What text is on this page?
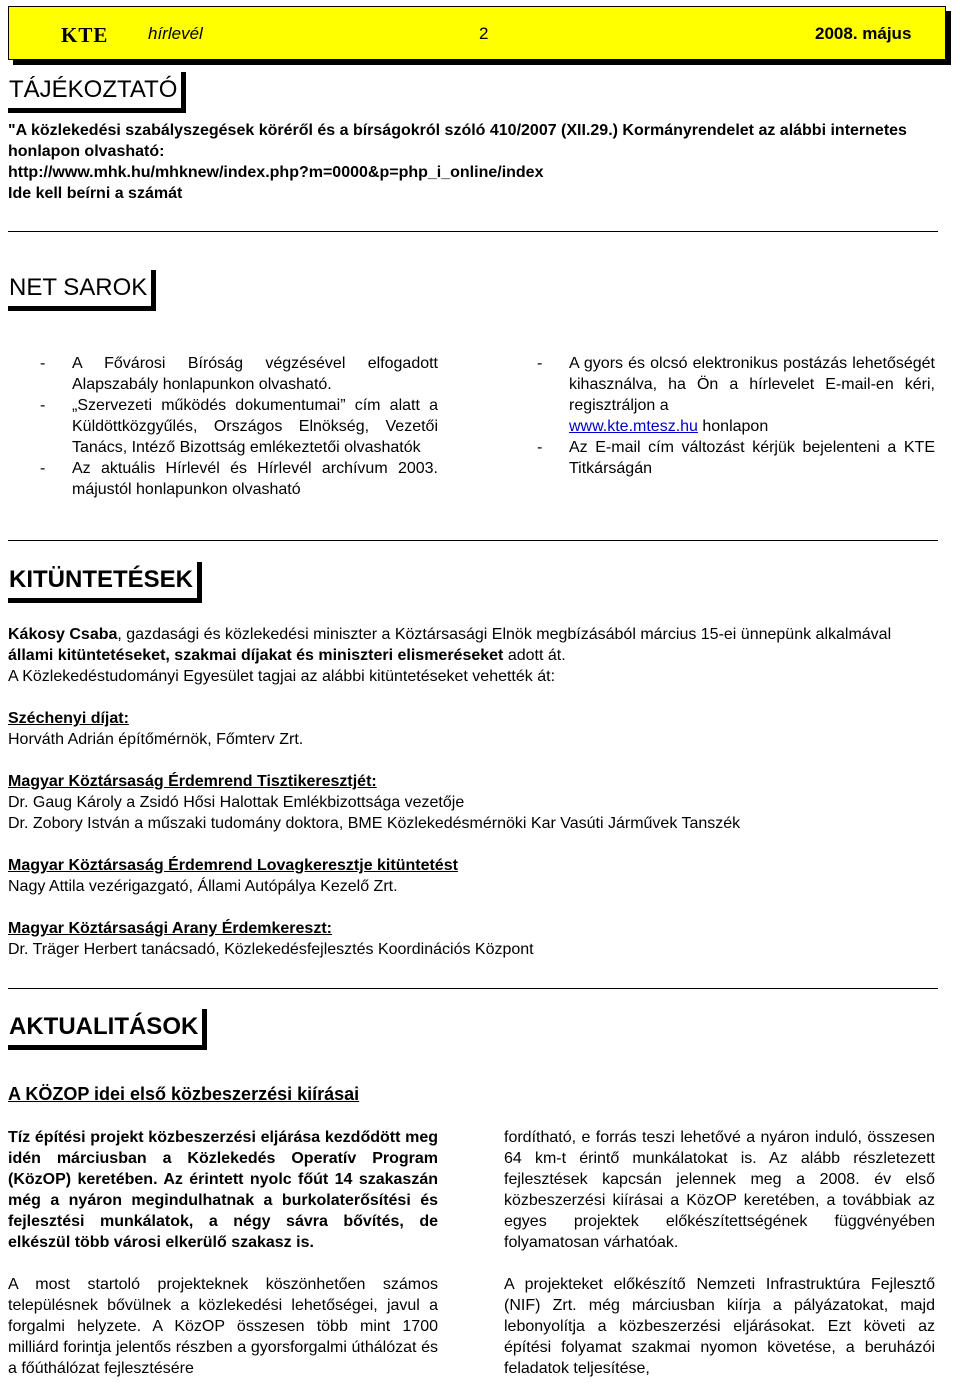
KTE hírlevél	2	2008. május
TÁJÉKOZTATÓ
"A közlekedési szabályszegések köréről és a bírságokról szóló 410/2007 (XII.29.) Kormányrendelet az alábbi internetes honlapon olvasható:
http://www.mhk.hu/mhknew/index.php?m=0000&p=php_i_online/index
Ide kell beírni a számát
NET SAROK
- A Fővárosi Bíróság végzésével elfogadott Alapszabály honlapunkon olvasható.
- „Szervezeti működés dokumentumai” cím alatt a Küldöttközgyűlés, Országos Elnökség, Vezetői Tanács, Intéző Bizottság emlékeztetői olvashatók
- Az aktuális Hírlevél és Hírlevél archívum 2003. májustól honlapunkon olvasható
- A gyors és olcsó elektronikus postázás lehetőségét kihasználva, ha Ön a hírlevelet E-mail-en kéri, regisztráljon a
www.kte.mtesz.hu honlapon
- Az E-mail cím változást kérjük bejelenteni a KTE Titkárságán
KITÜNTETÉSEK
Kákosy Csaba, gazdasági és közlekedési miniszter a Köztársasági Elnök megbízásából március 15-ei ünnepünk alkalmával állami kitüntetéseket, szakmai díjakat és miniszteri elismeréseket adott át.
A Közlekedéstudományi Egyesület tagjai az alábbi kitüntetéseket vehették át:
Széchenyi díjat:
Horváth Adrián építőmérnök, Főmterv Zrt.
Magyar Köztársaság Érdemrend Tisztikeresztjét:
Dr. Gaug Károly a Zsidó Hősi Halottak Emlékbizottsága vezetője
Dr. Zobory István a műszaki tudomány doktora, BME Közlekedésmérnöki Kar Vasúti Járművek Tanszék
Magyar Köztársaság Érdemrend Lovagkeresztje kitüntetést
Nagy Attila vezérigazgató, Állami Autópálya Kezelő Zrt.
Magyar Köztársasági Arany Érdemkereszt:
Dr. Träger Herbert tanácsadó, Közlekedésfejlesztés Koordinációs Központ
AKTUALITÁSOK
A KÖZOP idei első közbeszerzési kiírásai
Tíz építési projekt közbeszerzési eljárása kezdődött meg idén márciusban a Közlekedés Operatív Program (KözOP) keretében. Az érintett nyolc főút 14 szakaszán még a nyáron megindulhatnak a burkolaterősítési és fejlesztési munkálatok, a négy sávra bővítés, de elkészül több városi elkerülő szakasz is.
A most startoló projekteknek köszönhetően számos településnek bővülnek a közlekedési lehetőségei, javul a forgalmi helyzete. A KözOP összesen több mint 1700 milliárd forintja jelentős részben a gyorsforgalmi úthálózat és a főúthálózat fejlesztésére
fordítható, e forrás teszi lehetővé a nyáron induló, összesen 64 km-t érintő munkálatokat is. Az alább részletezett fejlesztések kapcsán jelennek meg a 2008. év első közbeszerzési kiírásai a KözOP keretében, a továbbiak az egyes projektek előkészítettségének függvényében folyamatosan várhatóak.
A projekteket előkészítő Nemzeti Infrastruktúra Fejlesztő (NIF) Zrt. még márciusban kiírja a pályázatokat, majd lebonyolítja a közbeszerzési eljárásokat. Ezt követi az építési folyamat szakmai nyomon követése, a beruházói feladatok teljesítése,
